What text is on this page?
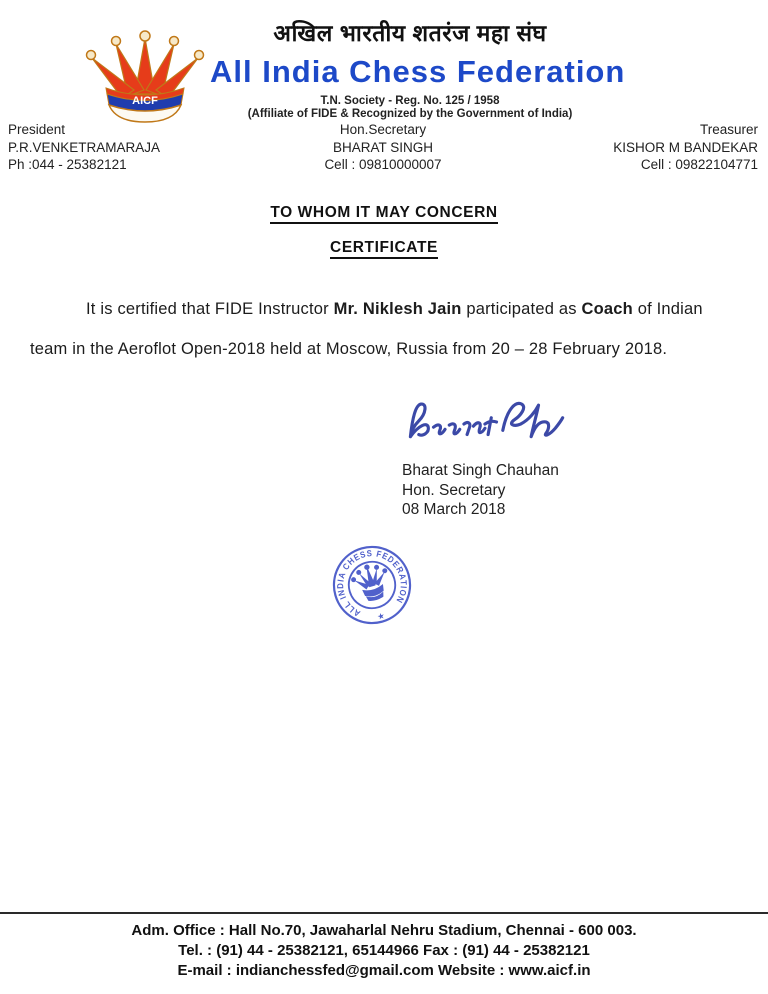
AICF
अखिल भारतीय शतरंज महा संघ
All India Chess Federation
T.N. Society - Reg. No. 125 / 1958
(Affiliate of FIDE & Recognized by the Government of India)
President
P.R.VENKETRAMARAJA
Ph :044 - 25382121
Hon.Secretary
BHARAT SINGH
Cell : 09810000007
Treasurer
KISHOR M BANDEKAR
Cell : 09822104771
TO WHOM IT MAY CONCERN
CERTIFICATE

It is certified that FIDE Instructor Mr. Niklesh Jain participated as Coach of Indian team in the Aeroflot Open-2018 held at Moscow, Russia from 20 – 28 February 2018.

Bharat Singh Chauhan
Hon. Secretary
08 March 2018
ALL INDIA CHESS FEDERATION
★
Adm. Office : Hall No.70, Jawaharlal Nehru Stadium, Chennai - 600 003.
Tel. : (91) 44 - 25382121, 65144966 Fax : (91) 44 - 25382121
E-mail : indianchessfed@gmail.com Website : www.aicf.in
